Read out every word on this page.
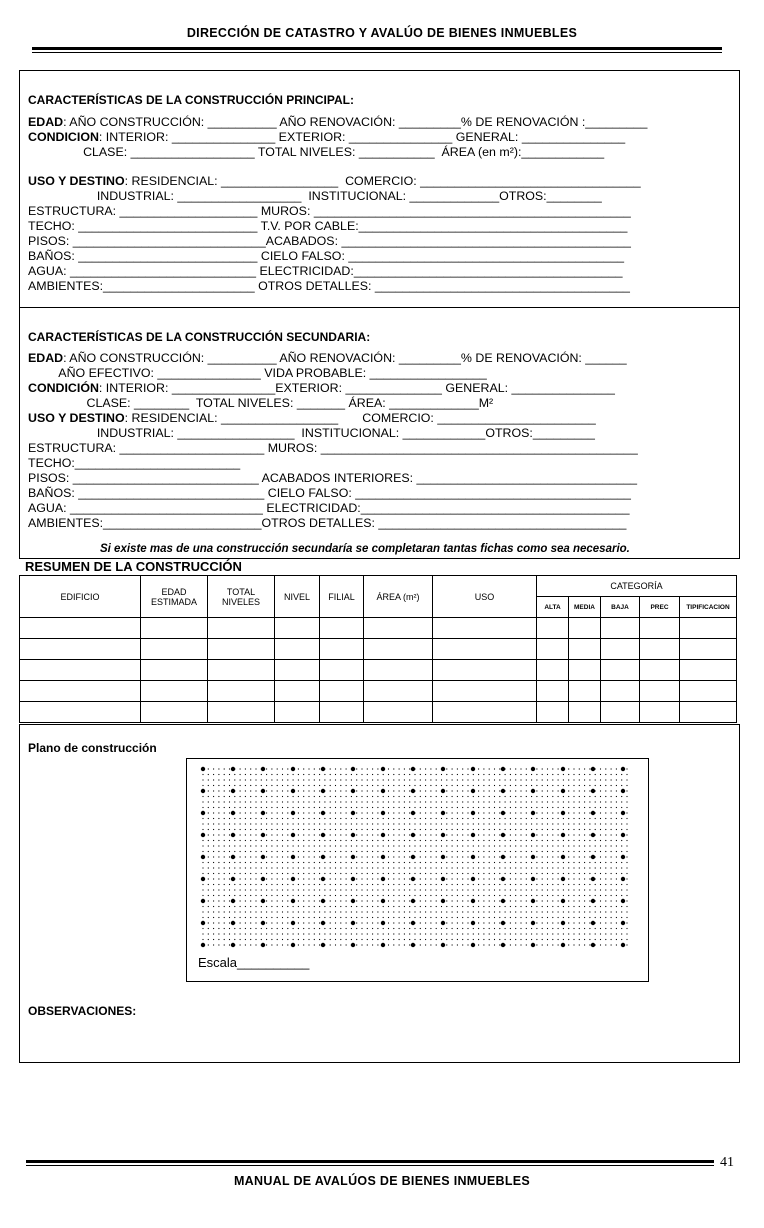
DIRECCIÓN DE CATASTRO Y AVALÚO DE BIENES INMUEBLES
CARACTERÍSTICAS DE LA CONSTRUCCIÓN PRINCIPAL:
EDAD: AÑO CONSTRUCCIÓN: __________ AÑO RENOVACIÓN: _________% DE RENOVACIÓN :_________
CONDICION: INTERIOR: _______________ EXTERIOR: _______________ GENERAL: _______________
CLASE: __________________ TOTAL NIVELES: ___________  ÁREA (en m²):____________
USO Y DESTINO: RESIDENCIAL: _________________  COMERCIO: ________________________________
INDUSTRIAL: __________________  INSTITUCIONAL: _____________OTROS:________
ESTRUCTURA: ____________________ MUROS: ______________________________________________
TECHO: __________________________ T.V. POR CABLE:_______________________________________
PISOS: ____________________________ACABADOS: __________________________________________
BAÑOS: __________________________ CIELO FALSO: ________________________________________
AGUA: ___________________________ ELECTRICIDAD:_______________________________________
AMBIENTES:______________________ OTROS DETALLES: _____________________________________
CARACTERÍSTICAS DE LA CONSTRUCCIÓN SECUNDARIA:
EDAD: AÑO CONSTRUCCIÓN: __________ AÑO RENOVACIÓN: _________% DE RENOVACIÓN: ______
AÑO EFECTIVO: _______________ VIDA PROBABLE: _________________
CONDICIÓN: INTERIOR: _______________EXTERIOR: ______________ GENERAL: _______________
CLASE: ________  TOTAL NIVELES: _______ ÁREA: _____________M²
USO Y DESTINO: RESIDENCIAL: _________________       COMERCIO: _______________________
INDUSTRIAL: _________________  INSTITUCIONAL: ____________OTROS:_________
ESTRUCTURA: _____________________ MUROS: ______________________________________________
TECHO:________________________
PISOS: ___________________________ ACABADOS INTERIORES: ________________________________
BAÑOS: ___________________________ CIELO FALSO: ________________________________________
AGUA: ____________________________ ELECTRICIDAD:_______________________________________
AMBIENTES:_______________________OTROS DETALLES: ____________________________________
Si existe mas de una construcción secundaría se completaran tantas fichas como sea necesario.
RESUMEN DE LA CONSTRUCCIÓN
EDIFICIO	EDAD ESTIMADA	TOTAL NIVELES	NIVEL	FILIAL	ÁREA (m²)	USO	CATEGORÍA				
							ALTA	MEDIA	BAJA	PREC	TIPIFICACION

Plano de construcción
Escala__________
OBSERVACIONES:
41
MANUAL DE AVALÚOS DE BIENES INMUEBLES
